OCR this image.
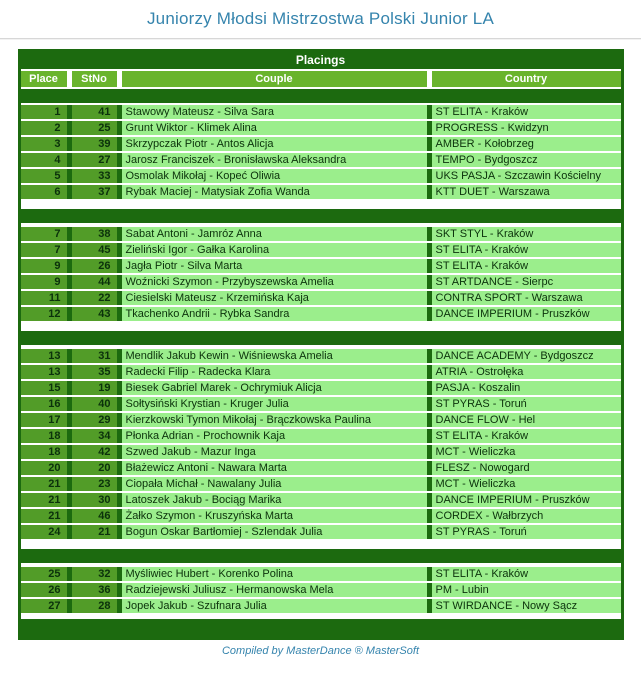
Juniorzy Młodsi Mistrzostwa Polski Junior LA
Placings
Place	StNo	Couple	Country
1	41	Stawowy Mateusz - Silva Sara	ST ELITA - Kraków
2	25	Grunt Wiktor - Klimek Alina	PROGRESS - Kwidzyn
3	39	Skrzypczak Piotr - Antos Alicja	AMBER - Kołobrzeg
4	27	Jarosz Franciszek - Bronisławska Aleksandra	TEMPO - Bydgoszcz
5	33	Osmolak Mikołaj - Kopeć Oliwia	UKS PASJA - Szczawin Kościelny
6	37	Rybak Maciej - Matysiak Zofia Wanda	KTT DUET - Warszawa
7	38	Sabat Antoni - Jamróz Anna	SKT STYL - Kraków
7	45	Zieliński Igor - Gałka Karolina	ST ELITA - Kraków
9	26	Jagła Piotr - Silva Marta	ST ELITA - Kraków
9	44	Woźnicki Szymon - Przybyszewska Amelia	ST ARTDANCE - Sierpc
11	22	Ciesielski Mateusz - Krzemińska Kaja	CONTRA SPORT - Warszawa
12	43	Tkachenko Andrii - Rybka Sandra	DANCE IMPERIUM - Pruszków
13	31	Mendlik Jakub Kewin - Wiśniewska Amelia	DANCE ACADEMY - Bydgoszcz
13	35	Radecki Filip - Radecka Klara	ATRIA - Ostrołęka
15	19	Biesek Gabriel Marek - Ochrymiuk Alicja	PASJA - Koszalin
16	40	Sołtysiński Krystian - Kruger Julia	ST PYRAS - Toruń
17	29	Kierzkowski Tymon Mikołaj - Brączkowska Paulina	DANCE FLOW - Hel
18	34	Płonka Adrian - Prochownik Kaja	ST ELITA - Kraków
18	42	Szwed Jakub - Mazur Inga	MCT - Wieliczka
20	20	Błażewicz Antoni - Nawara Marta	FLESZ - Nowogard
21	23	Ciopała Michał - Nawalany Julia	MCT - Wieliczka
21	30	Latoszek Jakub - Bociąg Marika	DANCE IMPERIUM - Pruszków
21	46	Żałko Szymon - Kruszyńska Marta	CORDEX - Wałbrzych
24	21	Bogun Oskar Bartłomiej - Szlendak Julia	ST PYRAS - Toruń
25	32	Myśliwiec Hubert - Korenko Polina	ST ELITA - Kraków
26	36	Radziejewski Juliusz - Hermanowska Mela	PM - Lubin
27	28	Jopek Jakub - Szufnara Julia	ST WIRDANCE - Nowy Sącz
Compiled by MasterDance ® MasterSoft
